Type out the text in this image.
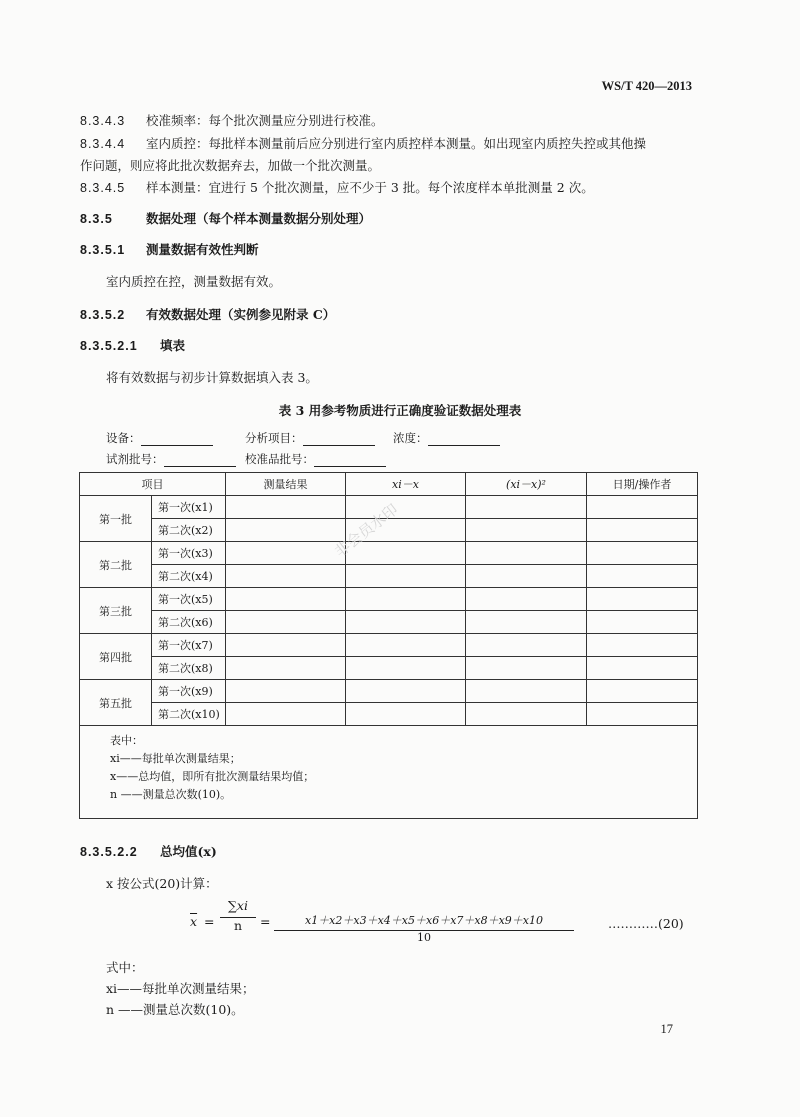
WS/T 420—2013
8.3.4.3 校准频率：每个批次测量应分别进行校准。
8.3.4.4 室内质控：每批样本测量前后应分别进行室内质控样本测量。如出现室内质控失控或其他操
作问题，则应将此批次数据弃去，加做一个批次测量。
8.3.4.5 样本测量：宜进行 5 个批次测量，应不少于 3 批。每个浓度样本单批测量 2 次。
8.3.5	数据处理（每个样本测量数据分别处理）
8.3.5.1 测量数据有效性判断
室内质控在控，测量数据有效。
8.3.5.2 有效数据处理（实例参见附录 C）
8.3.5.2.1 填表
将有效数据与初步计算数据填入表 3。
表 3 用参考物质进行正确度验证数据处理表
设备：	分析项目：	浓度：
试剂批号：	校准品批号：
项目		测量结果	xi－x	(xi－x)²	日期/操作者
第一批	第一次(x1)				
	第二次(x2)				
第二批	第一次(x3)				
	第二次(x4)				
第三批	第一次(x5)				
	第二次(x6)				
第四批	第一次(x7)				
	第二次(x8)				
第五批	第一次(x9)				
	第二次(x10)				

表中：
xi——每批单次测量结果；
x——总均值，即所有批次测量结果均值；
n ——测量总次数(10)。					
非会员水印
8.3.5.2.2 总均值(x)
x 按公式(20)计算：
$\overline{x} = \frac{\sum xi}{n} = \frac{x1+x2+x3+x4+x5+x6+x7+x8+x9+x10}{10}$	…………(20)
式中：
xi——每批单次测量结果；
n ——测量总次数(10)。
17
